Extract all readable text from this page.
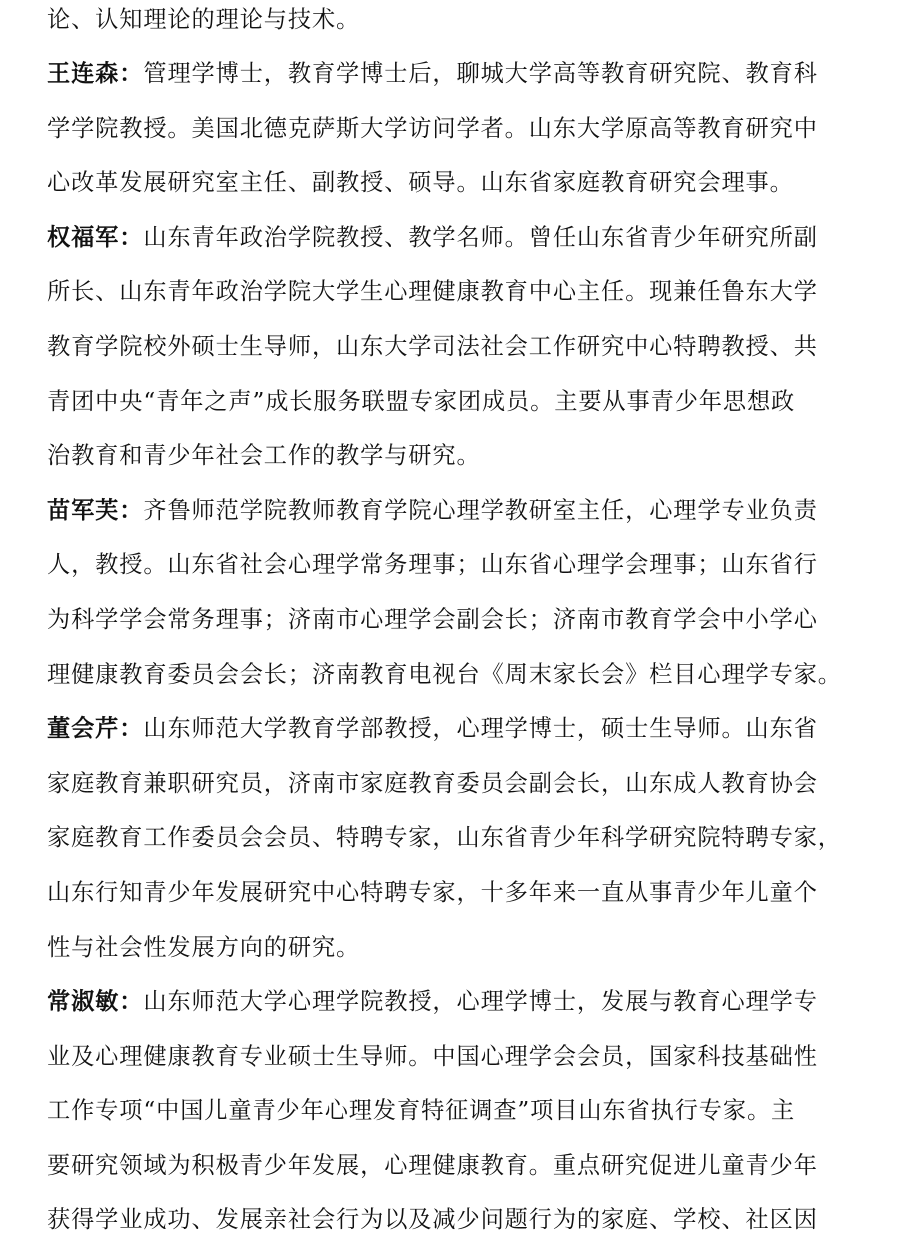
论、认知理论的理论与技术。
王连森：管理学博士，教育学博士后，聊城大学高等教育研究院、教育科
学学院教授。美国北德克萨斯大学访问学者。山东大学原高等教育研究中
心改革发展研究室主任、副教授、硕导。山东省家庭教育研究会理事。
权福军：山东青年政治学院教授、教学名师。曾任山东省青少年研究所副
所长、山东青年政治学院大学生心理健康教育中心主任。现兼任鲁东大学
教育学院校外硕士生导师，山东大学司法社会工作研究中心特聘教授、共
青团中央“青年之声”成长服务联盟专家团成员。主要从事青少年思想政
治教育和青少年社会工作的教学与研究。
苗军芙：齐鲁师范学院教师教育学院心理学教研室主任，心理学专业负责
人，教授。山东省社会心理学常务理事；山东省心理学会理事；山东省行
为科学学会常务理事；济南市心理学会副会长；济南市教育学会中小学心
理健康教育委员会会长；济南教育电视台《周末家长会》栏目心理学专家。
董会芹：山东师范大学教育学部教授，心理学博士，硕士生导师。山东省
家庭教育兼职研究员，济南市家庭教育委员会副会长，山东成人教育协会
家庭教育工作委员会会员、特聘专家，山东省青少年科学研究院特聘专家，
山东行知青少年发展研究中心特聘专家，十多年来一直从事青少年儿童个
性与社会性发展方向的研究。
常淑敏：山东师范大学心理学院教授，心理学博士，发展与教育心理学专
业及心理健康教育专业硕士生导师。中国心理学会会员，国家科技基础性
工作专项“中国儿童青少年心理发育特征调查”项目山东省执行专家。主
要研究领域为积极青少年发展，心理健康教育。重点研究促进儿童青少年
获得学业成功、发展亲社会行为以及减少问题行为的家庭、学校、社区因
